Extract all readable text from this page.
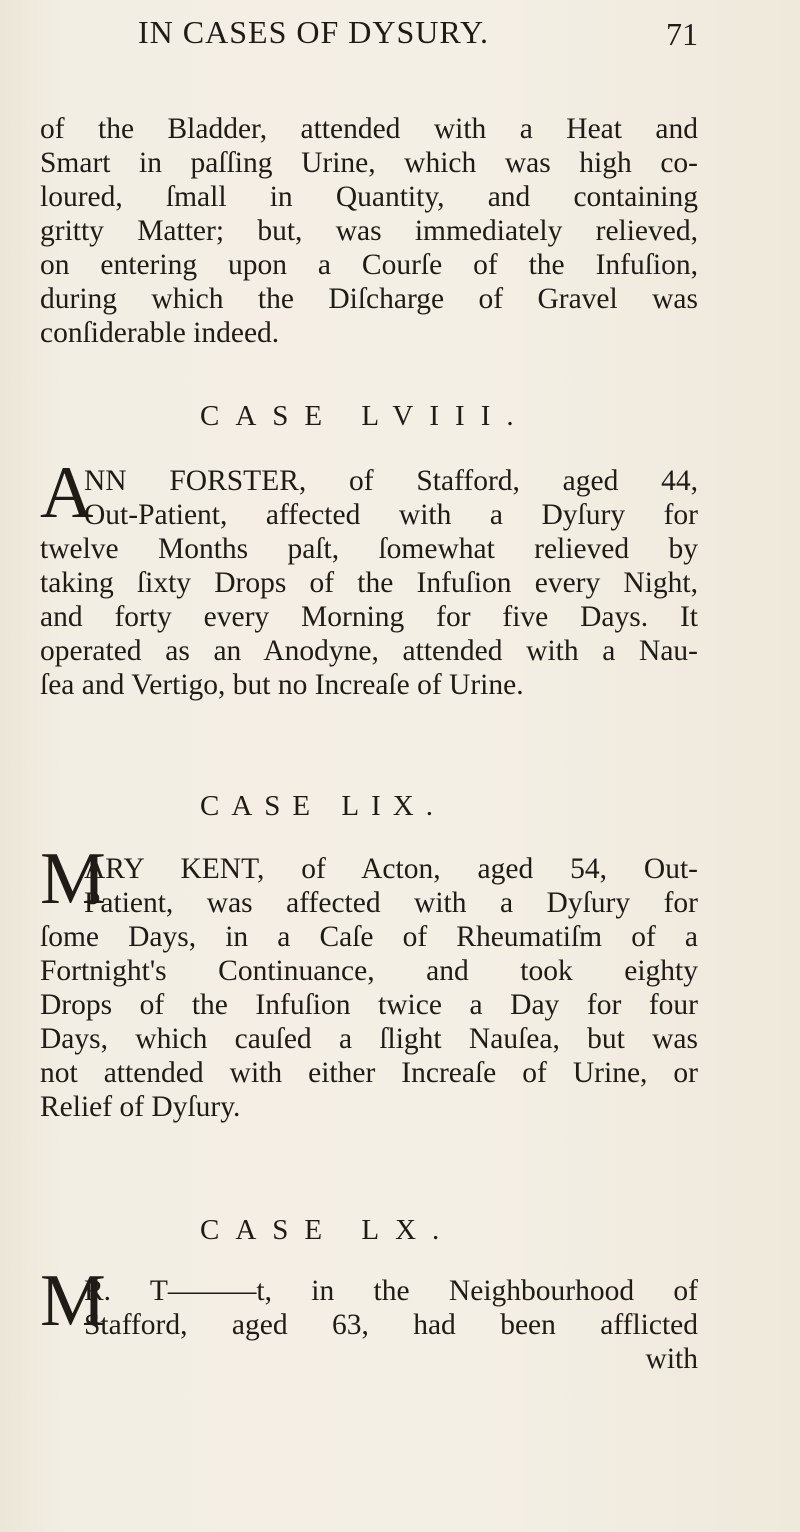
IN CASES OF DYSURY.	71
of the Bladder, attended with a Heat and
Smart in paſſing Urine, which was high co-
loured, ſmall in Quantity, and containing
gritty Matter; but, was immediately relieved,
on entering upon a Courſe of the Infuſion,
during which the Diſcharge of Gravel was
conſiderable indeed.
CASE LVIII.
A
NN FORSTER, of Stafford, aged 44,
Out-Patient, affected with a Dyſury for
twelve Months paſt, ſomewhat relieved by
taking ſixty Drops of the Infuſion every Night,
and forty every Morning for five Days. It
operated as an Anodyne, attended with a Nau-
ſea and Vertigo, but no Increaſe of Urine.
CASE LIX.
M
ARY KENT, of Acton, aged 54, Out-
Patient, was affected with a Dyſury for
ſome Days, in a Caſe of Rheumatiſm of a
Fortnight's Continuance, and took eighty
Drops of the Infuſion twice a Day for four
Days, which cauſed a ſlight Nauſea, but was
not attended with either Increaſe of Urine, or
Relief of Dyſury.
CASE LX.
M
R. T———t, in the Neighbourhood of
Stafford, aged 63, had been afflicted
with
